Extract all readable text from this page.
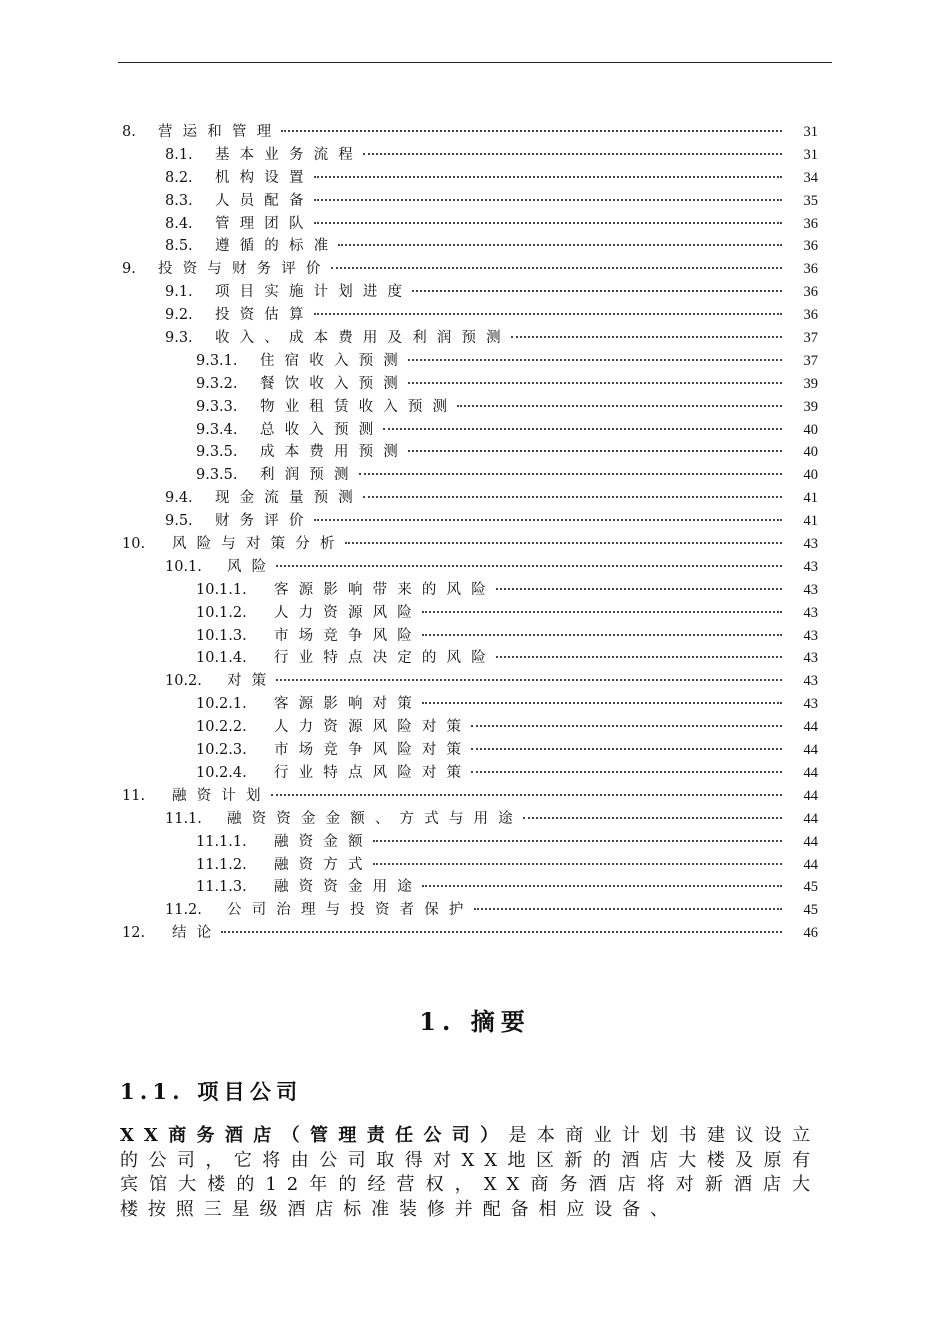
8.	营运和管理	31
8.1.	基本业务流程	31
8.2.	机构设置	34
8.3.	人员配备	35
8.4.	管理团队	36
8.5.	遵循的标准	36
9.	投资与财务评价	36
9.1.	项目实施计划进度	36
9.2.	投资估算	36
9.3.	收入、成本费用及利润预测	37
9.3.1.	住宿收入预测	37
9.3.2.	餐饮收入预测	39
9.3.3.	物业租赁收入预测	39
9.3.4.	总收入预测	40
9.3.5.	成本费用预测	40
9.3.5.	利润预测	40
9.4.	现金流量预测	41
9.5.	财务评价	41
10.	风险与对策分析	43
10.1.	风险	43
10.1.1.	客源影响带来的风险	43
10.1.2.	人力资源风险	43
10.1.3.	市场竞争风险	43
10.1.4.	行业特点决定的风险	43
10.2.	对策	43
10.2.1.	客源影响对策	43
10.2.2.	人力资源风险对策	44
10.2.3.	市场竞争风险对策	44
10.2.4.	行业特点风险对策	44
11.	融资计划	44
11.1.	融资资金金额、方式与用途	44
11.1.1.	融资金额	44
11.1.2.	融资方式	44
11.1.3.	融资资金用途	45
11.2.	公司治理与投资者保护	45
12.	结论	46
1. 摘要
1.1. 项目公司
XX商务酒店（管理责任公司）是本商业计划书建议设立的公司，它将由公司取得对XX地区新的酒店大楼及原有宾馆大楼的12年的经营权，XX商务酒店将对新酒店大楼按照三星级酒店标准装修并配备相应设备、
